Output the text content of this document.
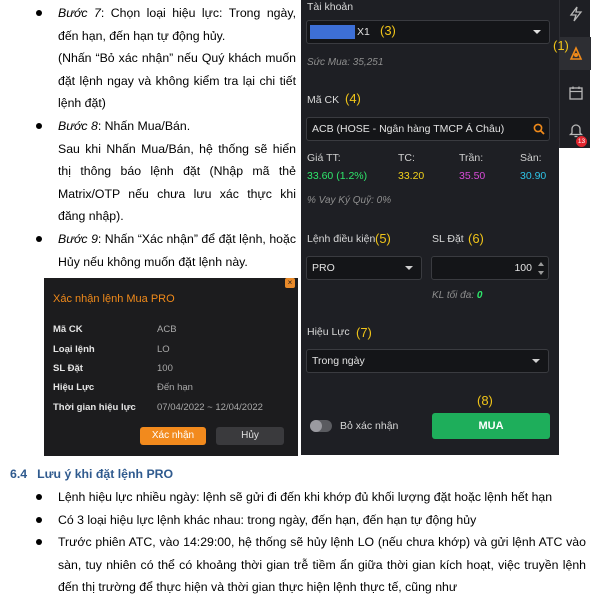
Bước 7: Chọn loại hiệu lực: Trong ngày, đến hạn, đến hạn tự động hủy.

(Nhấn “Bỏ xác nhận” nếu Quý khách muốn đặt lệnh ngay và không kiểm tra lại chi tiết lệnh đặt)

Bước 8: Nhấn Mua/Bán.

Sau khi Nhấn Mua/Bán, hệ thống sẽ hiển thị thông báo lệnh đặt (Nhập mã thẻ Matrix/OTP nếu chưa lưu xác thực khi đăng nhập).

Bước 9: Nhấn “Xác nhận” để đặt lệnh, hoặc Hủy nếu không muốn đặt lệnh này.

×
Xác nhận lệnh Mua PRO
Mã CK	ACB
Loại lệnh	LO
SL Đặt	100
Hiệu Lực	Đến hạn
Thời gian hiệu lực 07/04/2022 ~ 12/04/2022
Xác nhận	Hủy
Tài khoản
X1
Sức Mua: 35,251
Mã CK
ACB (HOSE - Ngân hàng TMCP Á Châu)
Giá TT:	TC:	Trần:	Sàn:
33.60 (1.2%)	33.20	35.50	30.90
% Vay Ký Quỹ: 0%
Lệnh điều kiện	SL Đặt
PRO	100
KL tối đa: 0
Hiệu Lực
Trong ngày
Bỏ xác nhận	MUA
(3)
(4)
(5)	(6)
(7)
(8)
13
(1)
6.4 Lưu ý khi đặt lệnh PRO
Lệnh hiệu lực nhiều ngày: lệnh sẽ gửi đi đến khi khớp đủ khối lượng đặt hoặc lệnh hết hạn
Có 3 loại hiệu lực lệnh khác nhau: trong ngày, đến hạn, đến hạn tự động hủy
Trước phiên ATC, vào 14:29:00, hệ thống sẽ hủy lệnh LO (nếu chưa khớp) và gửi lệnh ATC vào sàn, tuy nhiên có thể có khoảng thời gian trễ tiềm ẩn giữa thời gian kích hoạt, việc truyền lệnh đến thị trường để thực hiện và thời gian thực hiện lệnh thực tế, cũng như
